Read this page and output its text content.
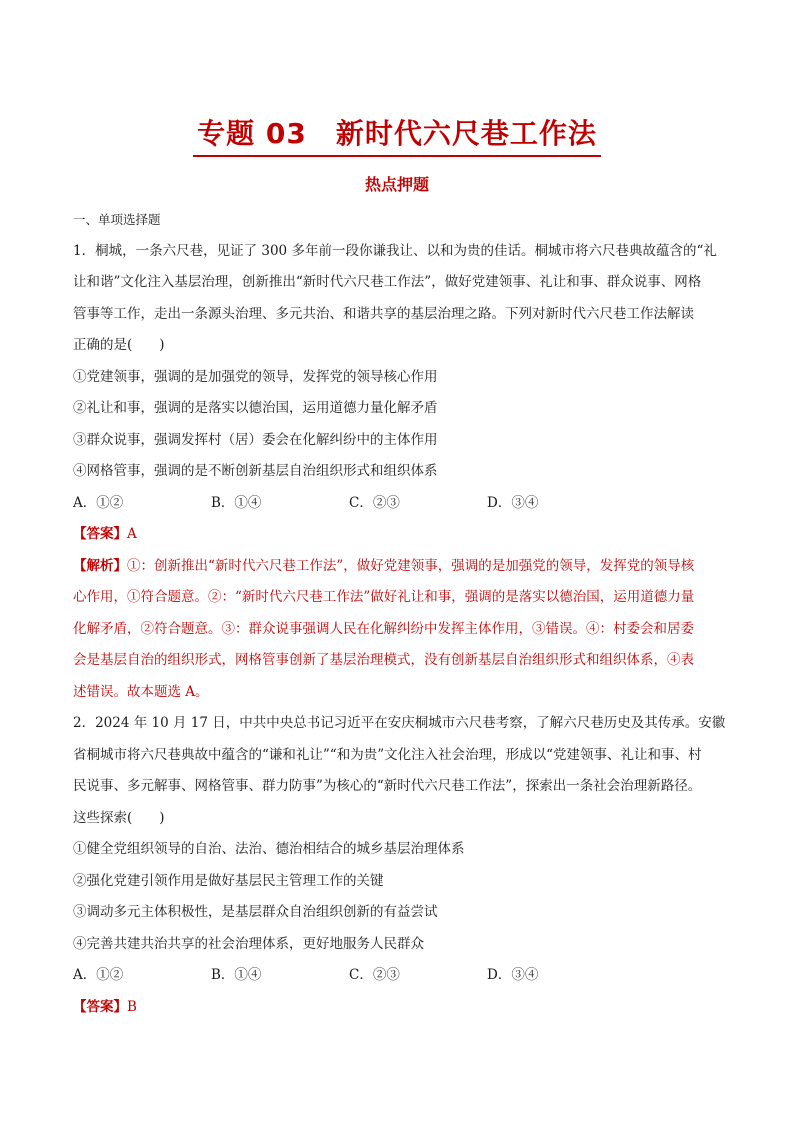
专题 03　新时代六尺巷工作法
热点押题
一、单项选择题
1．桐城，一条六尺巷，见证了 300 多年前一段你谦我让、以和为贵的佳话。桐城市将六尺巷典故蕴含的“礼
让和谐”文化注入基层治理，创新推出“新时代六尺巷工作法”，做好党建领事、礼让和事、群众说事、网格
管事等工作，走出一条源头治理、多元共治、和谐共享的基层治理之路。下列对新时代六尺巷工作法解读
正确的是(　　)
①党建领事，强调的是加强党的领导，发挥党的领导核心作用
②礼让和事，强调的是落实以德治国，运用道德力量化解矛盾
③群众说事，强调发挥村（居）委会在化解纠纷中的主体作用
④网格管事，强调的是不断创新基层自治组织形式和组织体系
A．①②	B．①④	C．②③	D．③④
【答案】A
【解析】①：创新推出“新时代六尺巷工作法”，做好党建领事，强调的是加强党的领导，发挥党的领导核
心作用，①符合题意。②：“新时代六尺巷工作法”做好礼让和事，强调的是落实以德治国，运用道德力量
化解矛盾，②符合题意。③：群众说事强调人民在化解纠纷中发挥主体作用，③错误。④：村委会和居委
会是基层自治的组织形式，网格管事创新了基层治理模式，没有创新基层自治组织形式和组织体系，④表
述错误。故本题选 A。
2．2024 年 10 月 17 日，中共中央总书记习近平在安庆桐城市六尺巷考察，了解六尺巷历史及其传承。安徽
省桐城市将六尺巷典故中蕴含的“谦和礼让”“和为贵”文化注入社会治理，形成以“党建领事、礼让和事、村
民说事、多元解事、网格管事、群力防事”为核心的“新时代六尺巷工作法”，探索出一条社会治理新路径。
这些探索(　　)
①健全党组织领导的自治、法治、德治相结合的城乡基层治理体系
②强化党建引领作用是做好基层民主管理工作的关键
③调动多元主体积极性，是基层群众自治组织创新的有益尝试
④完善共建共治共享的社会治理体系，更好地服务人民群众
A．①②	B．①④	C．②③	D．③④
【答案】B
